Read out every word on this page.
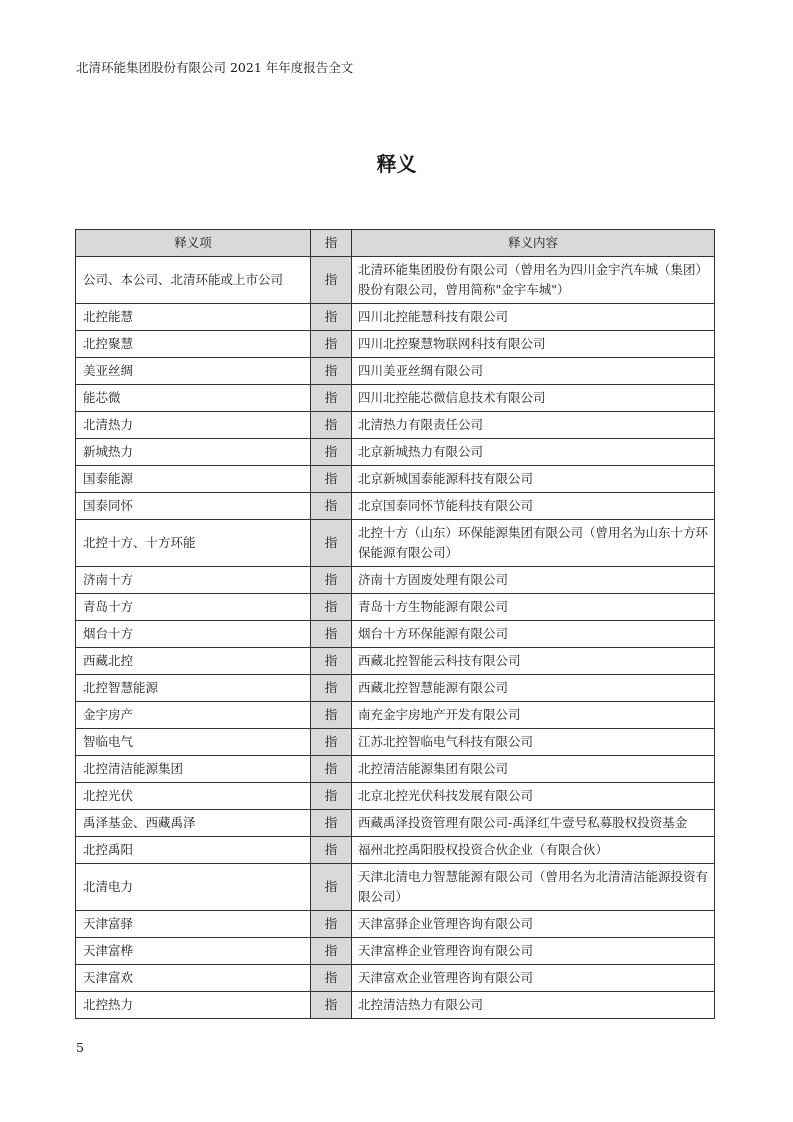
北清环能集团股份有限公司 2021 年年度报告全文
释义
释义项	指	释义内容
公司、本公司、北清环能或上市公司	指	北清环能集团股份有限公司（曾用名为四川金宇汽车城（集团）股份有限公司，曾用简称"金宇车城"）
北控能慧	指	四川北控能慧科技有限公司
北控聚慧	指	四川北控聚慧物联网科技有限公司
美亚丝绸	指	四川美亚丝绸有限公司
能芯微	指	四川北控能芯微信息技术有限公司
北清热力	指	北清热力有限责任公司
新城热力	指	北京新城热力有限公司
国泰能源	指	北京新城国泰能源科技有限公司
国泰同怀	指	北京国泰同怀节能科技有限公司
北控十方、十方环能	指	北控十方（山东）环保能源集团有限公司（曾用名为山东十方环保能源有限公司）
济南十方	指	济南十方固废处理有限公司
青岛十方	指	青岛十方生物能源有限公司
烟台十方	指	烟台十方环保能源有限公司
西藏北控	指	西藏北控智能云科技有限公司
北控智慧能源	指	西藏北控智慧能源有限公司
金宇房产	指	南充金宇房地产开发有限公司
智临电气	指	江苏北控智临电气科技有限公司
北控清洁能源集团	指	北控清洁能源集团有限公司
北控光伏	指	北京北控光伏科技发展有限公司
禹泽基金、西藏禹泽	指	西藏禹泽投资管理有限公司-禹泽红牛壹号私募股权投资基金
北控禹阳	指	福州北控禹阳股权投资合伙企业（有限合伙）
北清电力	指	天津北清电力智慧能源有限公司（曾用名为北清清洁能源投资有限公司）
天津富驿	指	天津富驿企业管理咨询有限公司
天津富桦	指	天津富桦企业管理咨询有限公司
天津富欢	指	天津富欢企业管理咨询有限公司
北控热力	指	北控清洁热力有限公司
5
